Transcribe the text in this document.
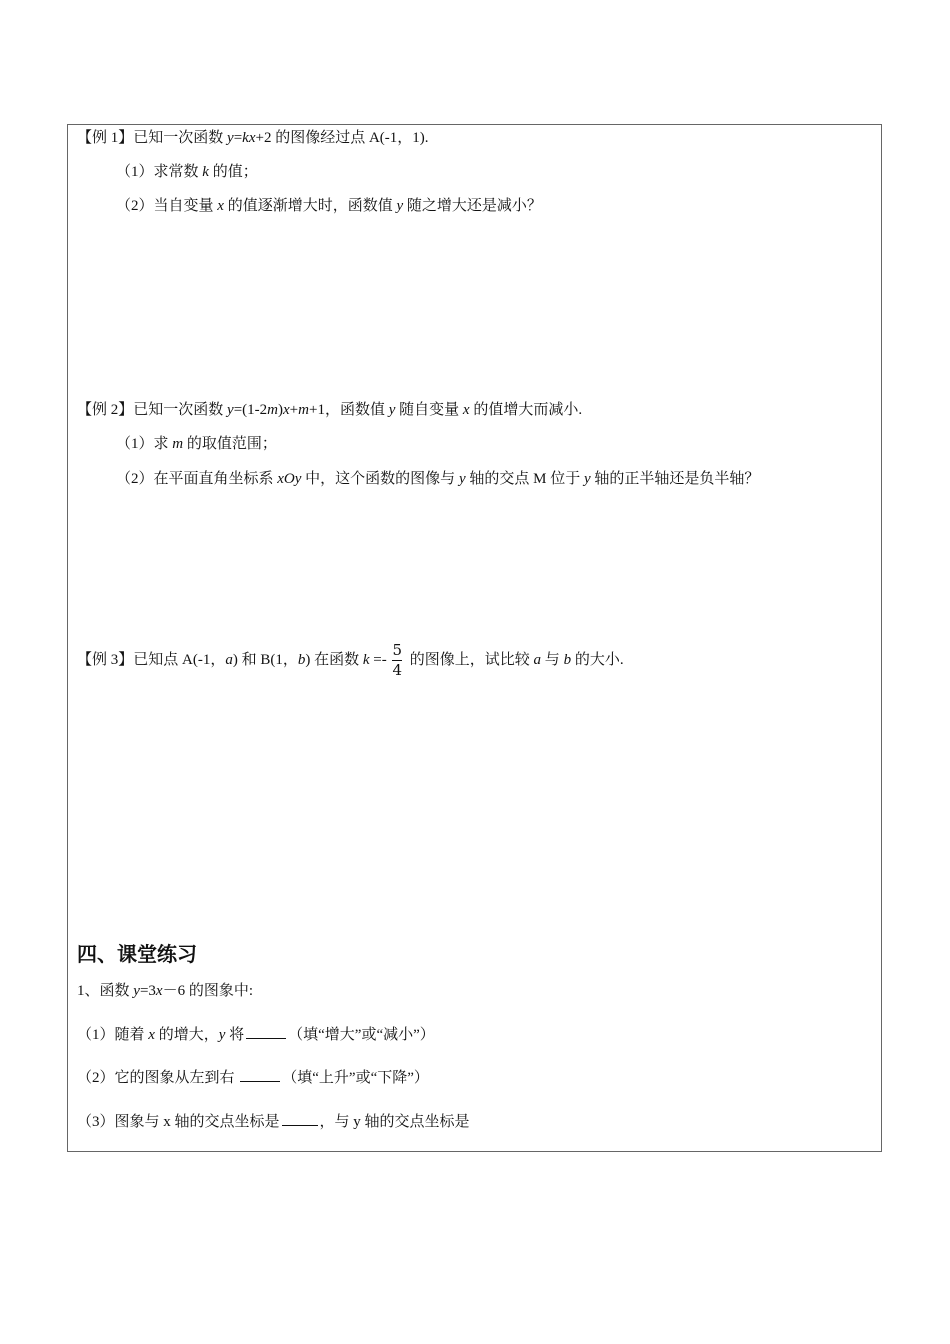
【例 1】已知一次函数 y=kx+2 的图像经过点 A(-1，1).
（1）求常数 k 的值；
（2）当自变量 x 的值逐渐增大时，函数值 y 随之增大还是减小？
【例 2】已知一次函数 y=(1-2m)x+m+1，函数值 y 随自变量 x 的值增大而减小.
（1）求 m 的取值范围；
（2）在平面直角坐标系 xOy 中，这个函数的图像与 y 轴的交点 M 位于 y 轴的正半轴还是负半轴？
【例 3】已知点 A(-1，a) 和 B(1，b) 在函数 $k =- \frac{5}{4}$ 的图像上，试比较 a 与 b 的大小.
四、课堂练习
1、函数 y=3x－6 的图象中:
（1）随着 x 的增大，y 将	（填“增大”或“减小”）
（2）它的图象从左到右	（填“上升”或“下降”）
（3）图象与 x 轴的交点坐标是	，与 y 轴的交点坐标是
